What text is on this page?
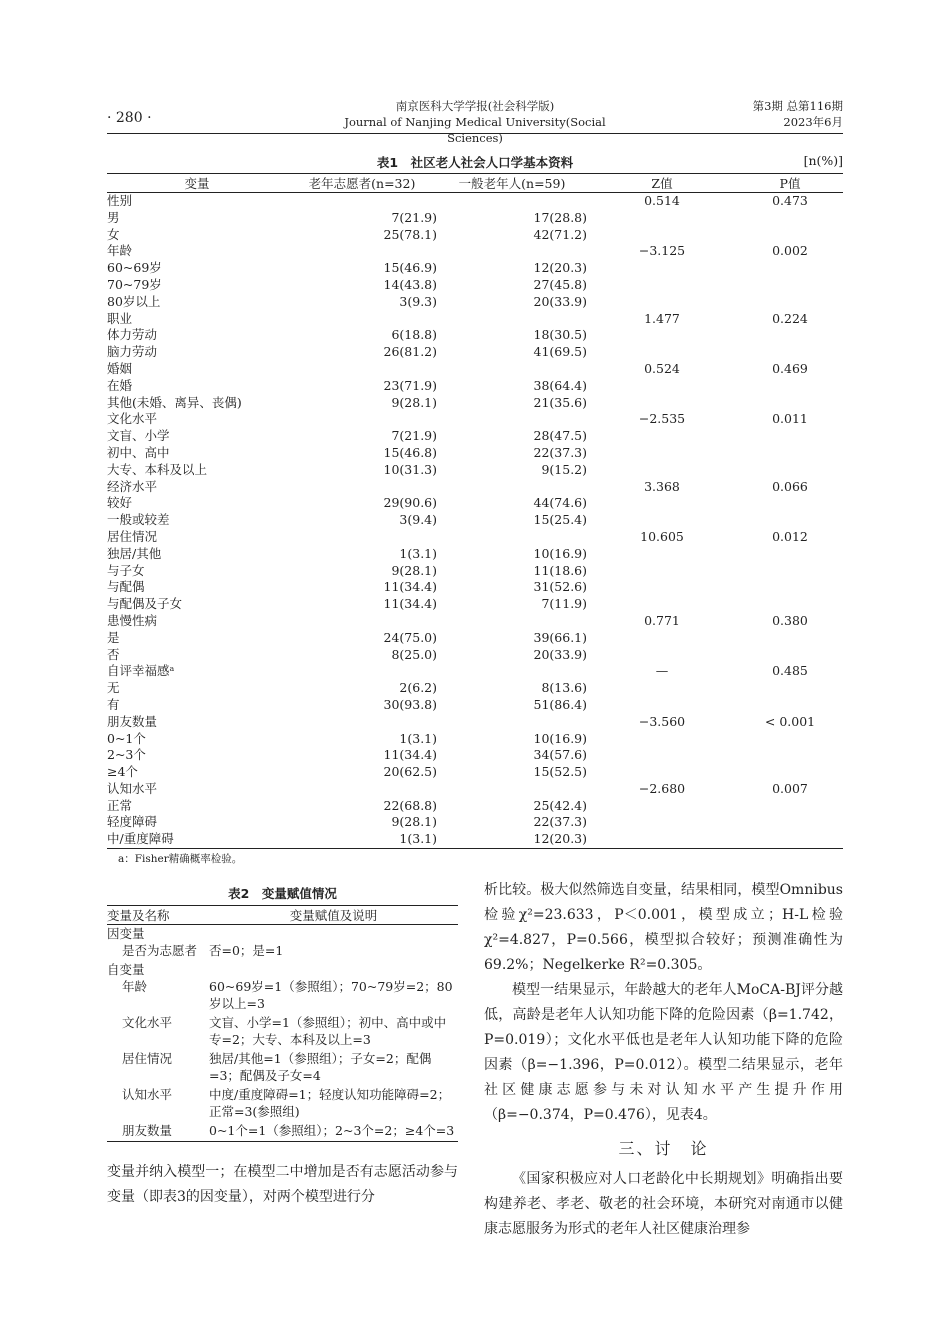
· 280 ·
南京医科大学学报(社会科学版)
Journal of Nanjing Medical University(Social Sciences)
第3期 总第116期
2023年6月
表1　社区老人社会人口学基本资料	[n(%)]
变量	老年志愿者(n=32)	一般老年人(n=59)	Z值	P值
性别			0.514	0.473
男	7(21.9)	17(28.8)		
女	25(78.1)	42(71.2)		
年龄			−3.125	0.002
60~69岁	15(46.9)	12(20.3)		
70~79岁	14(43.8)	27(45.8)		
80岁以上	3(9.3)	20(33.9)		
职业			1.477	0.224
体力劳动	6(18.8)	18(30.5)		
脑力劳动	26(81.2)	41(69.5)		
婚姻			0.524	0.469
在婚	23(71.9)	38(64.4)		
其他(未婚、离异、丧偶)	9(28.1)	21(35.6)		
文化水平			−2.535	0.011
文盲、小学	7(21.9)	28(47.5)		
初中、高中	15(46.8)	22(37.3)		
大专、本科及以上	10(31.3)	9(15.2)		
经济水平			3.368	0.066
较好	29(90.6)	44(74.6)		
一般或较差	3(9.4)	15(25.4)		
居住情况			10.605	0.012
独居/其他	1(3.1)	10(16.9)		
与子女	9(28.1)	11(18.6)		
与配偶	11(34.4)	31(52.6)		
与配偶及子女	11(34.4)	7(11.9)		
患慢性病			0.771	0.380
是	24(75.0)	39(66.1)		
否	8(25.0)	20(33.9)		
自评幸福感ᵃ			—	0.485
无	2(6.2)	8(13.6)		
有	30(93.8)	51(86.4)		
朋友数量			−3.560	< 0.001
0~1个	1(3.1)	10(16.9)		
2~3个	11(34.4)	34(57.6)		
≥4个	20(62.5)	15(52.5)		
认知水平			−2.680	0.007
正常	22(68.8)	25(42.4)		
轻度障碍	9(28.1)	22(37.3)		
中/重度障碍	1(3.1)	12(20.3)		
a：Fisher精确概率检验。
表2　变量赋值情况
变量及名称	变量赋值及说明
因变量	
是否为志愿者	否=0；是=1
自变量	
年龄	60~69岁=1（参照组）；70~79岁=2；80岁以上=3
文化水平	文盲、小学=1（参照组）；初中、高中或中专=2；大专、本科及以上=3
居住情况	独居/其他=1（参照组）；子女=2；配偶=3；配偶及子女=4
认知水平	中度/重度障碍=1；轻度认知功能障碍=2；正常=3(参照组)
朋友数量	0~1个=1（参照组）；2~3个=2；≥4个=3
变量并纳入模型一；在模型二中增加是否有志愿活动参与变量（即表3的因变量），对两个模型进行分

析比较。极大似然筛选自变量，结果相同，模型Omnibus检验χ²=23.633，P＜0.001，模型成立；H-L检验χ²=4.827，P=0.566，模型拟合较好；预测准确性为69.2%；Negelkerke R²=0.305。

模型一结果显示，年龄越大的老年人MoCA-BJ评分越低，高龄是老年人认知功能下降的危险因素（β=1.742，P=0.019）；文化水平低也是老年人认知功能下降的危险因素（β=−1.396，P=0.012）。模型二结果显示，老年社区健康志愿参与未对认知水平产生提升作用（β=−0.374，P=0.476），见表4。

三、讨　论

《国家积极应对人口老龄化中长期规划》明确指出要构建养老、孝老、敬老的社会环境，本研究对南通市以健康志愿服务为形式的老年人社区健康治理参
